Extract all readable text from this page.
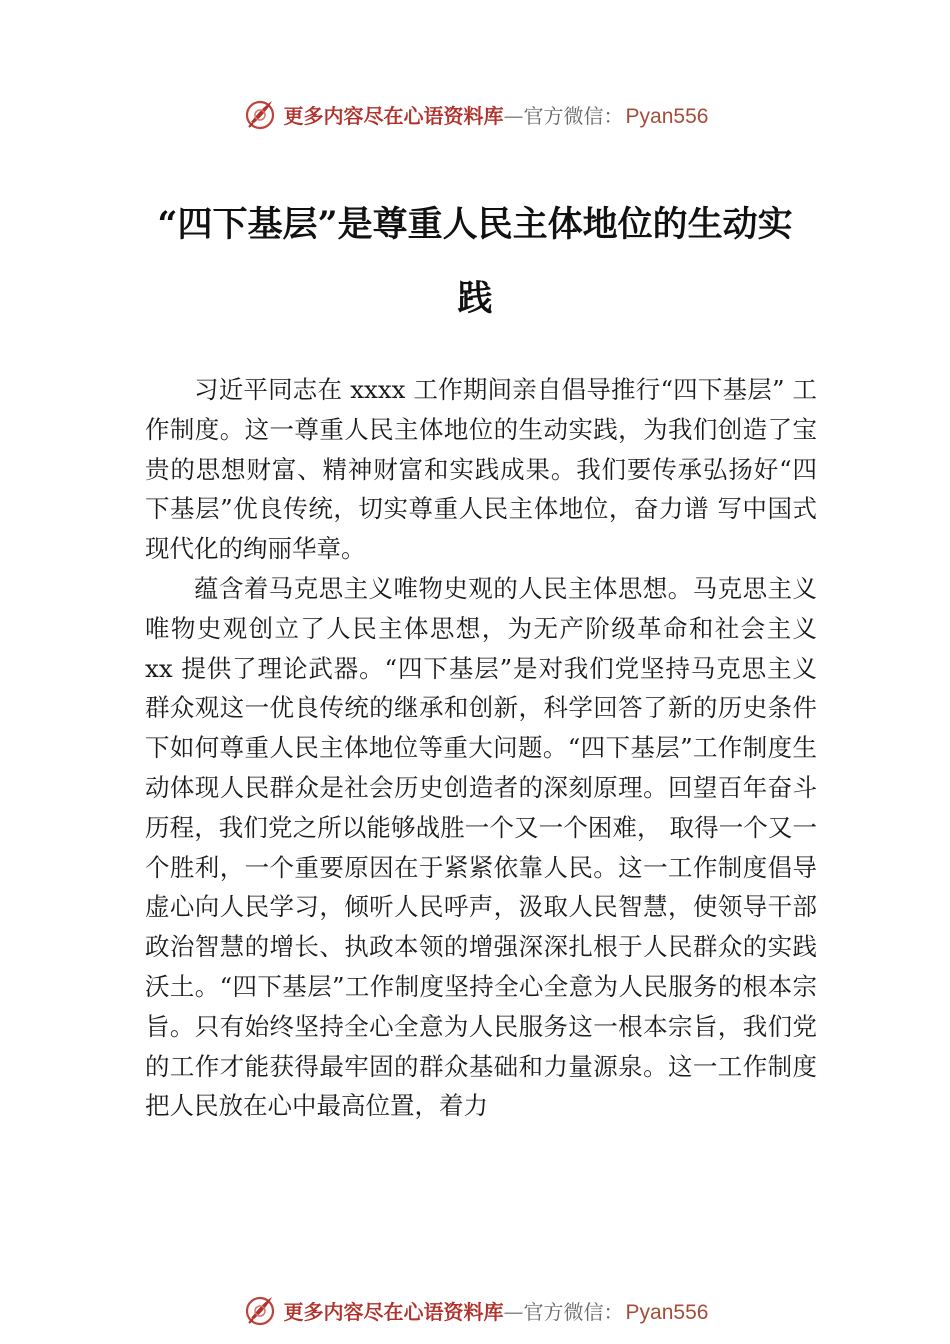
更多内容尽在心语资料库 — 官方微信： Pyan556
“四下基层”是尊重人民主体地位的生动实践

习近平同志在 xxxx 工作期间亲自倡导推行“四下基层” 工作制度。这一尊重人民主体地位的生动实践，为我们创造了宝贵的思想财富、精神财富和实践成果。我们要传承弘扬好“四下基层”优良传统，切实尊重人民主体地位，奋力谱 写中国式现代化的绚丽华章。

蕴含着马克思主义唯物史观的人民主体思想。马克思主义唯物史观创立了人民主体思想，为无产阶级革命和社会主义 xx 提供了理论武器。“四下基层”是对我们党坚持马克思主义群众观这一优良传统的继承和创新，科学回答了新的历史条件下如何尊重人民主体地位等重大问题。“四下基层”工作制度生动体现人民群众是社会历史创造者的深刻原理。回望百年奋斗历程，我们党之所以能够战胜一个又一个困难， 取得一个又一个胜利，一个重要原因在于紧紧依靠人民。这一工作制度倡导虚心向人民学习，倾听人民呼声，汲取人民智慧，使领导干部政治智慧的增长、执政本领的增强深深扎根于人民群众的实践沃土。“四下基层”工作制度坚持全心全意为人民服务的根本宗旨。只有始终坚持全心全意为人民服务这一根本宗旨，我们党的工作才能获得最牢固的群众基础和力量源泉。这一工作制度把人民放在心中最高位置，着力

更多内容尽在心语资料库 — 官方微信： Pyan556
